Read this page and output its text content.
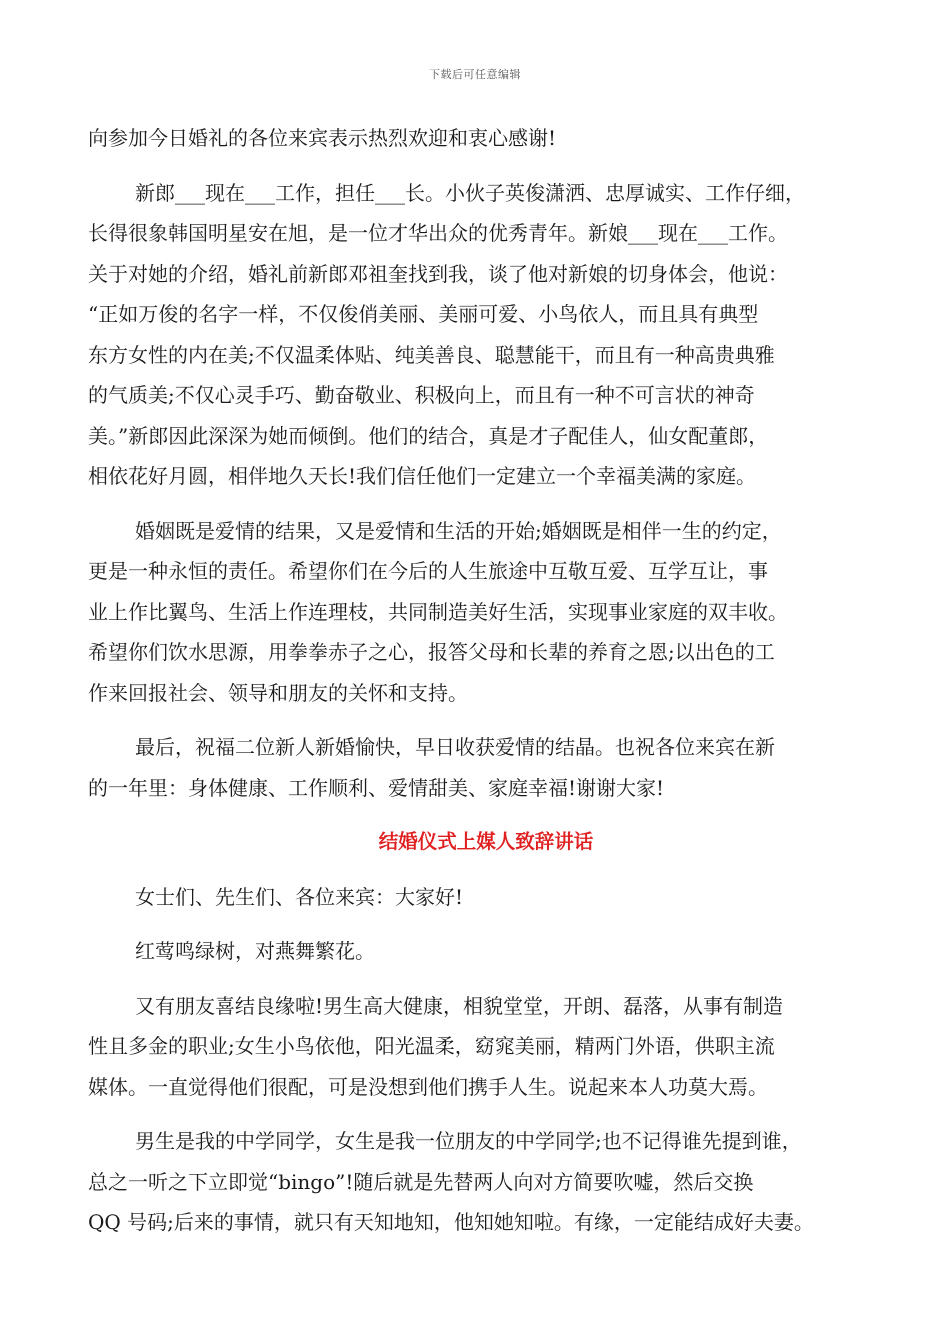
下载后可任意编辑
向参加今日婚礼的各位来宾表示热烈欢迎和衷心感谢!
新郎___现在___工作，担任___长。小伙子英俊潇洒、忠厚诚实、工作仔细，
长得很象韩国明星安在旭，是一位才华出众的优秀青年。新娘___现在___工作。
关于对她的介绍，婚礼前新郎邓祖奎找到我，谈了他对新娘的切身体会，他说：
“正如万俊的名字一样，不仅俊俏美丽、美丽可爱、小鸟依人，而且具有典型
东方女性的内在美;不仅温柔体贴、纯美善良、聪慧能干，而且有一种高贵典雅
的气质美;不仅心灵手巧、勤奋敬业、积极向上，而且有一种不可言状的神奇
美。”新郎因此深深为她而倾倒。他们的结合，真是才子配佳人，仙女配董郎，
相依花好月圆，相伴地久天长!我们信任他们一定建立一个幸福美满的家庭。
婚姻既是爱情的结果，又是爱情和生活的开始;婚姻既是相伴一生的约定，
更是一种永恒的责任。希望你们在今后的人生旅途中互敬互爱、互学互让，事
业上作比翼鸟、生活上作连理枝，共同制造美好生活，实现事业家庭的双丰收。
希望你们饮水思源，用拳拳赤子之心，报答父母和长辈的养育之恩;以出色的工
作来回报社会、领导和朋友的关怀和支持。
最后，祝福二位新人新婚愉快，早日收获爱情的结晶。也祝各位来宾在新
的一年里：身体健康、工作顺利、爱情甜美、家庭幸福!谢谢大家!
结婚仪式上媒人致辞讲话
女士们、先生们、各位来宾：大家好!
红莺鸣绿树，对燕舞繁花。
又有朋友喜结良缘啦!男生高大健康，相貌堂堂，开朗、磊落，从事有制造
性且多金的职业;女生小鸟依他，阳光温柔，窈窕美丽，精两门外语，供职主流
媒体。一直觉得他们很配，可是没想到他们携手人生。说起来本人功莫大焉。
男生是我的中学同学，女生是我一位朋友的中学同学;也不记得谁先提到谁，
总之一听之下立即觉“bingo”!随后就是先替两人向对方简要吹嘘，然后交换
QQ 号码;后来的事情，就只有天知地知，他知她知啦。有缘，一定能结成好夫妻。
